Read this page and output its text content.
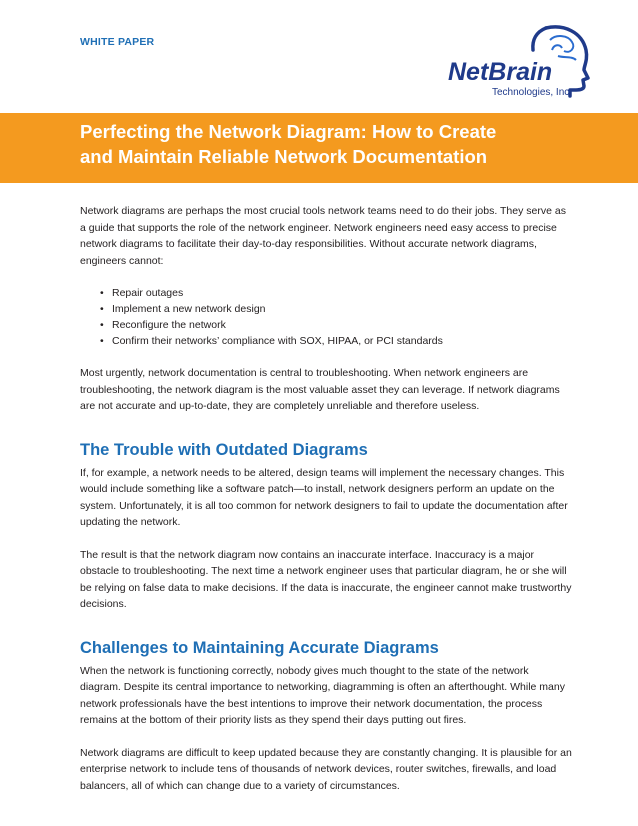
WHITE PAPER
NetBrain
Technologies, Inc.
Perfecting the Network Diagram: How to Create
and Maintain Reliable Network Documentation

Network diagrams are perhaps the most crucial tools network teams need to do their jobs. They serve as a guide that supports the role of the network engineer. Network engineers need easy access to precise network diagrams to facilitate their day-to-day responsibilities. Without accurate network diagrams, engineers cannot:

• Repair outages
• Implement a new network design
• Reconfigure the network
• Confirm their networks’ compliance with SOX, HIPAA, or PCI standards

Most urgently, network documentation is central to troubleshooting. When network engineers are troubleshooting, the network diagram is the most valuable asset they can leverage. If network diagrams are not accurate and up-to-date, they are completely unreliable and therefore useless.

The Trouble with Outdated Diagrams

If, for example, a network needs to be altered, design teams will implement the necessary changes. This would include something like a software patch—to install, network designers perform an update on the system. Unfortunately, it is all too common for network designers to fail to update the documentation after updating the network.

The result is that the network diagram now contains an inaccurate interface. Inaccuracy is a major obstacle to troubleshooting. The next time a network engineer uses that particular diagram, he or she will be relying on false data to make decisions. If the data is inaccurate, the engineer cannot make trustworthy decisions.

Challenges to Maintaining Accurate Diagrams

When the network is functioning correctly, nobody gives much thought to the state of the network diagram. Despite its central importance to networking, diagramming is often an afterthought. While many network professionals have the best intentions to improve their network documentation, the process remains at the bottom of their priority lists as they spend their days putting out fires.

Network diagrams are difficult to keep updated because they are constantly changing. It is plausible for an enterprise network to include tens of thousands of network devices, router switches, firewalls, and load balancers, all of which can change due to a variety of circumstances.
